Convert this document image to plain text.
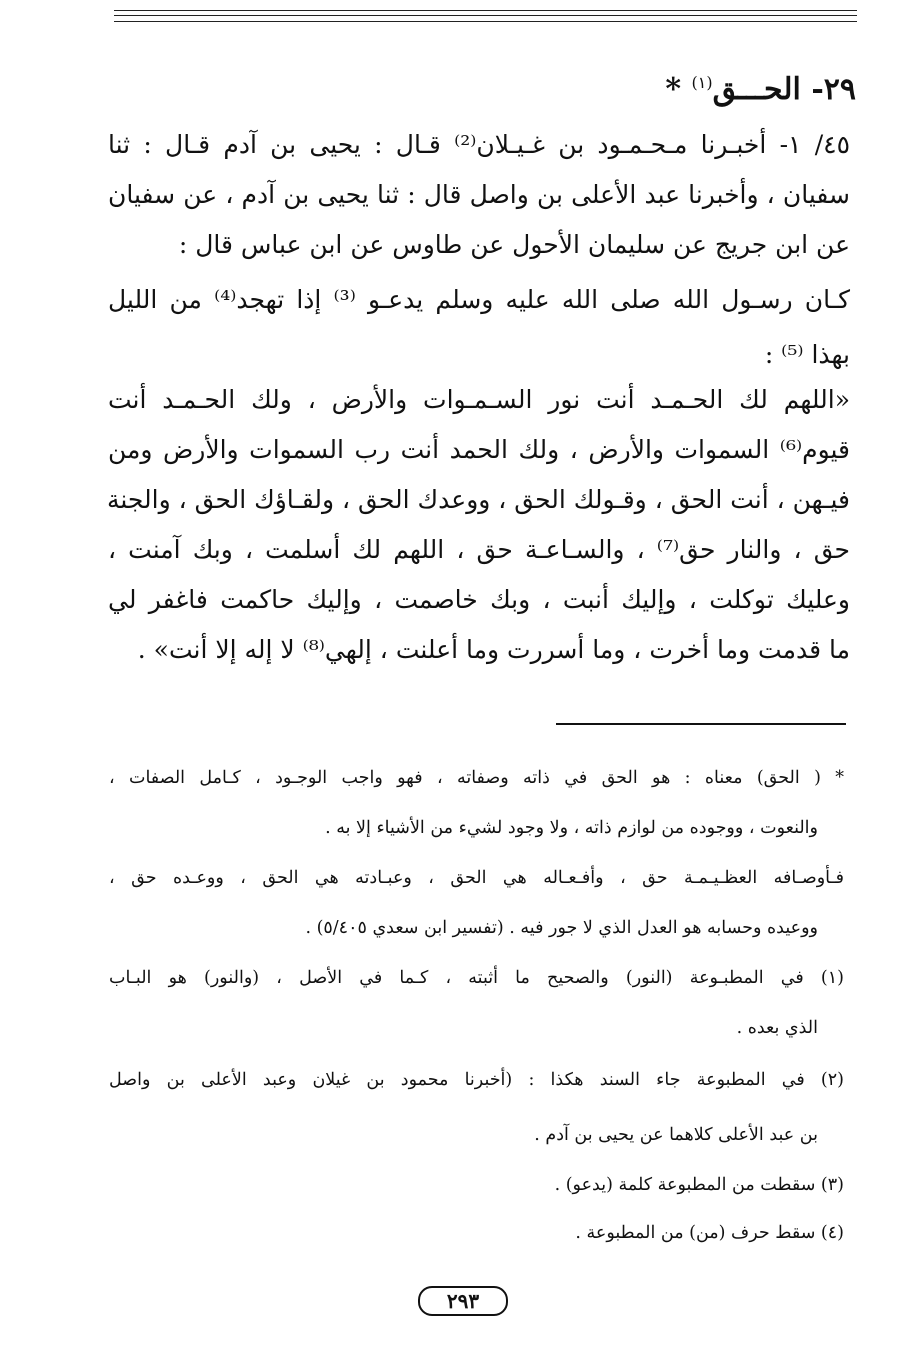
٢٩- الحـــق$^{(١)}$ *
٤٥/ ١- أخبـرنا مـحـمـود بن غـيـلان⁽²⁾ قـال : يحيى بن آدم قـال : ثنا
سفيان ، وأخبرنا عبد الأعلى بن واصل قال : ثنا يحيى بن آدم ، عن سفيان
عن ابن جريج عن سليمان الأحول عن طاوس عن ابن عباس قال :
كـان رسـول الله صلى الله عليه وسلم يدعـو ⁽³⁾ إذا تهجد⁽⁴⁾ من الليل
بهذا ⁽⁵⁾ :
«اللهم لك الحـمـد أنت نور السـمـوات والأرض ، ولك الحـمـد أنت
قيوم⁽⁶⁾ السموات والأرض ، ولك الحمد أنت رب السموات والأرض ومن
فيـهن ، أنت الحق ، وقـولك الحق ، ووعدك الحق ، ولقـاؤك الحق ، والجنة
حق ، والنار حق⁽⁷⁾ ، والسـاعـة حق ، اللهم لك أسلمت ، وبك آمنت ،
وعليك توكلت ، وإليك أنبت ، وبك خاصمت ، وإليك حاكمت فاغفر لي
ما قدمت وما أخرت ، وما أسررت وما أعلنت ، إلهي⁽⁸⁾ لا إله إلا أنت» .
* ( الحق) معناه : هو الحق في ذاته وصفاته ، فهو واجب الوجـود ، كـامل الصفات ،
والنعوت ، ووجوده من لوازم ذاته ، ولا وجود لشيء من الأشياء إلا به .
فـأوصـافه العظـيـمـة حق ، وأفـعـاله هي الحق ، وعبـادته هي الحق ، ووعـده حق ،
ووعيده وحسابه هو العدل الذي لا جور فيه . (تفسير ابن سعدي ٥/٤٠٥) .
(١) في المطبـوعة (النور) والصحيح ما أثبته ، كـما في الأصل ، (والنور) هو البـاب
الذي بعده .
(٢) في المطبوعة جاء السند هكذا : (أخبرنا محمود بن غيلان وعبد الأعلى بن واصل
بن عبد الأعلى كلاهما عن يحيى بن آدم .
(٣) سقطت من المطبوعة كلمة (يدعو) .
(٤) سقط حرف (من) من المطبوعة .
٢٩٣
